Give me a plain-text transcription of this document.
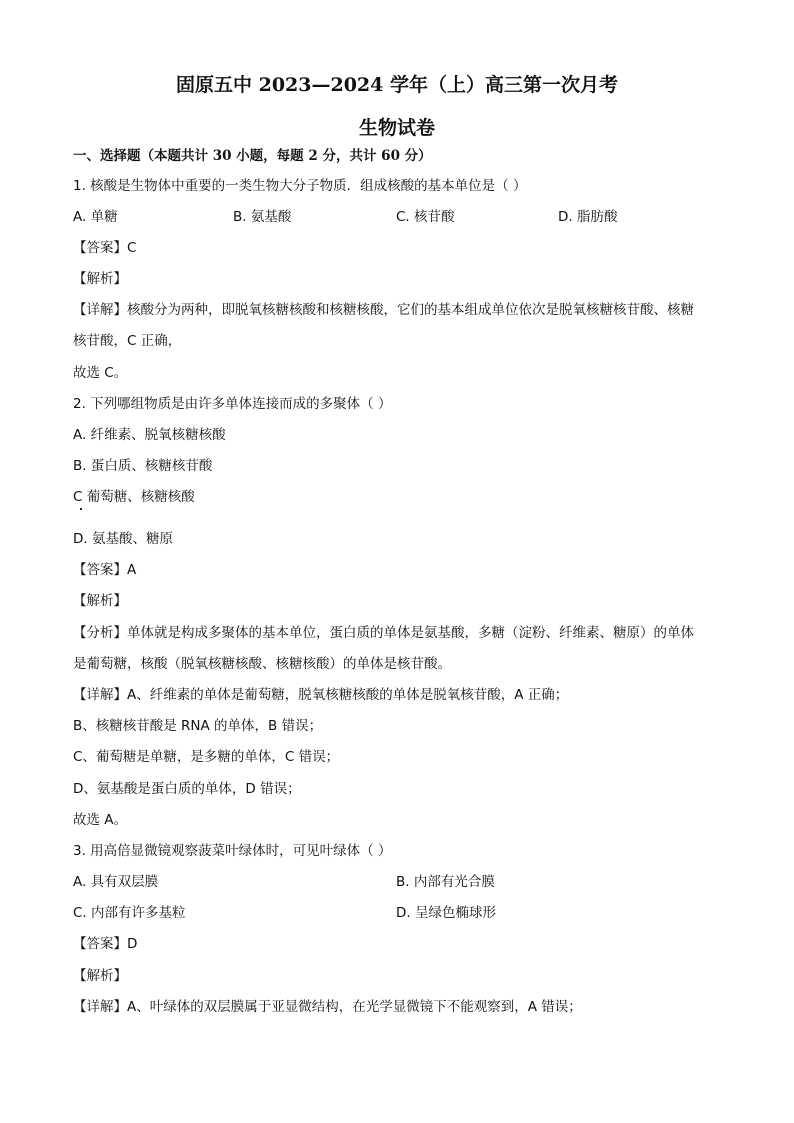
固原五中 2023—2024 学年（上）高三第一次月考
生物试卷
一、选择题（本题共计 30 小题，每题 2 分，共计 60 分）
1. 核酸是生物体中重要的一类生物大分子物质．组成核酸的基本单位是（ ）
A. 单糖	B. 氨基酸	C. 核苷酸	D. 脂肪酸
【答案】C
【解析】
【详解】核酸分为两种，即脱氧核糖核酸和核糖核酸，它们的基本组成单位依次是脱氧核糖核苷酸、核糖
核苷酸，C 正确，
故选 C。
2. 下列哪组物质是由许多单体连接而成的多聚体（ ）
A. 纤维素、脱氧核糖核酸
B. 蛋白质、核糖核苷酸
C 葡萄糖、核糖核酸
D. 氨基酸、糖原
【答案】A
【解析】
【分析】单体就是构成多聚体的基本单位，蛋白质的单体是氨基酸，多糖（淀粉、纤维素、糖原）的单体
是葡萄糖，核酸（脱氧核糖核酸、核糖核酸）的单体是核苷酸。
【详解】A、纤维素的单体是葡萄糖，脱氧核糖核酸的单体是脱氧核苷酸，A 正确；
B、核糖核苷酸是 RNA 的单体，B 错误；
C、葡萄糖是单糖，是多糖的单体，C 错误；
D、氨基酸是蛋白质的单体，D 错误；
故选 A。
3. 用高倍显微镜观察菠菜叶绿体时，可见叶绿体（ ）
A. 具有双层膜	B. 内部有光合膜
C. 内部有许多基粒	D. 呈绿色椭球形
【答案】D
【解析】
【详解】A、叶绿体的双层膜属于亚显微结构，在光学显微镜下不能观察到，A 错误；
